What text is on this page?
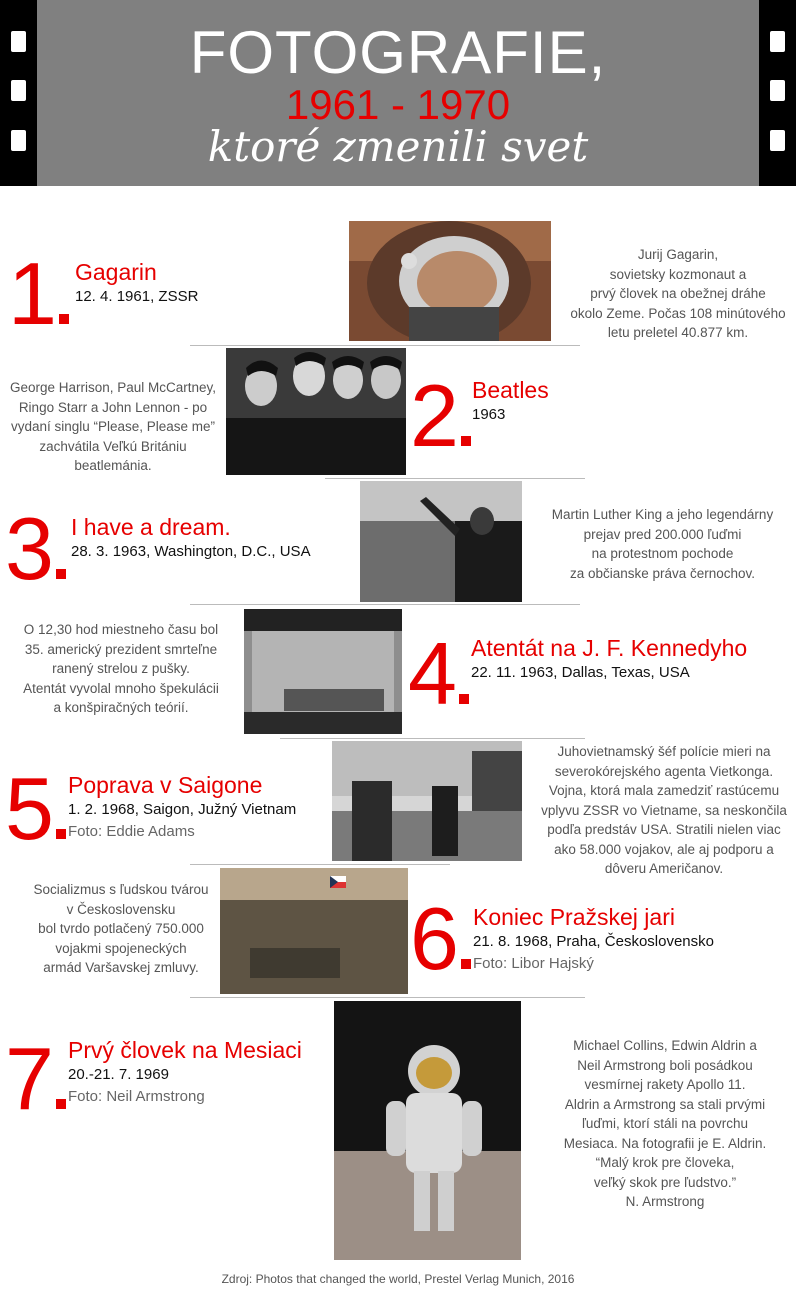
FOTOGRAFIE,
1961 - 1970
ktoré zmenili svet
1 Gagarin
12. 4. 1961, ZSSR
Jurij Gagarin,
sovietsky kozmonaut a
prvý človek na obežnej dráhe
okolo Zeme. Počas 108 minútového
letu preletel 40.877 km.
George Harrison, Paul McCartney,
Ringo Starr a John Lennon - po
vydaní singlu “Please, Please me”
zachvátila Veľkú Britániu
beatlemánia.
2 Beatles
1963
3 I have a dream.
28. 3. 1963, Washington, D.C., USA
Martin Luther King a jeho legendárny
prejav pred 200.000 ľuďmi
na protestnom pochode
za občianske práva černochov.
O 12,30 hod miestneho času bol
35. americký prezident smrteľne
ranený strelou z pušky.
Atentát vyvolal mnoho špekulácii
a konšpiračných teórií.	4 Atentát na J. F. Kennedyho
22. 11. 1963, Dallas, Texas, USA
5 Poprava v Saigone
1. 2. 1968, Saigon, Južný Vietnam
Foto: Eddie Adams
Juhovietnamský šéf polície mieri na
severokórejského agenta Vietkonga.
Vojna, ktorá mala zamedziť rastúcemu
vplyvu ZSSR vo Vietname, sa neskončila
podľa predstáv USA. Stratili nielen viac
ako 58.000 vojakov, ale aj podporu a
dôveru Američanov.
Socializmus s ľudskou tvárou
v Československu
bol tvrdo potlačený 750.000
vojakmi spojeneckých
armád Varšavskej zmluvy.	6 Koniec Pražskej jari
21. 8. 1968, Praha, Československo
Foto: Libor Hajský
7 Prvý človek na Mesiaci
20.-21. 7. 1969
Foto: Neil Armstrong
Michael Collins, Edwin Aldrin a
Neil Armstrong boli posádkou
vesmírnej rakety Apollo 11.
Aldrin a Armstrong sa stali prvými
ľuďmi, ktorí stáli na povrchu
Mesiaca. Na fotografii je E. Aldrin.
“Malý krok pre človeka,
veľký skok pre ľudstvo.”
N. Armstrong
Zdroj: Photos that changed the world, Prestel Verlag Munich, 2016
